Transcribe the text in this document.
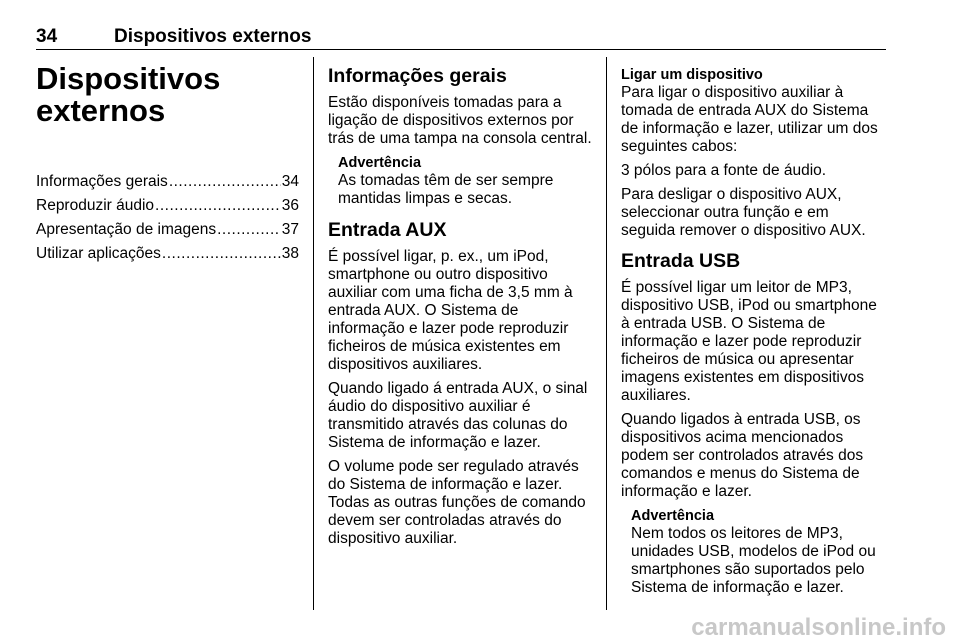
34	Dispositivos externos
Dispositivos
externos
Informações gerais .....	34
Reproduzir áudio .....	36
Apresentação de imagens .....	37
Utilizar aplicações .....	38
Informações gerais

Estão disponíveis tomadas para a ligação de dispositivos externos por trás de uma tampa na consola central.

Advertência

As tomadas têm de ser sempre mantidas limpas e secas.

Entrada AUX

É possível ligar, p. ex., um iPod, smartphone ou outro dispositivo auxiliar com uma ficha de 3,5 mm à entrada AUX. O Sistema de informação e lazer pode reproduzir ficheiros de música existentes em dispositivos auxiliares.

Quando ligado á entrada AUX, o sinal áudio do dispositivo auxiliar é transmitido através das colunas do Sistema de informação e lazer.

O volume pode ser regulado através do Sistema de informação e lazer. Todas as outras funções de comando devem ser controladas através do dispositivo auxiliar.

Ligar um dispositivo

Para ligar o dispositivo auxiliar à tomada de entrada AUX do Sistema de informação e lazer, utilizar um dos seguintes cabos:

3 pólos para a fonte de áudio.

Para desligar o dispositivo AUX, seleccionar outra função e em seguida remover o dispositivo AUX.

Entrada USB

É possível ligar um leitor de MP3, dispositivo USB, iPod ou smartphone à entrada USB. O Sistema de informação e lazer pode reproduzir ficheiros de música ou apresentar imagens existentes em dispositivos auxiliares.

Quando ligados à entrada USB, os dispositivos acima mencionados podem ser controlados através dos comandos e menus do Sistema de informação e lazer.

Advertência

Nem todos os leitores de MP3, unidades USB, modelos de iPod ou smartphones são suportados pelo Sistema de informação e lazer.

carmanualsonline.info
